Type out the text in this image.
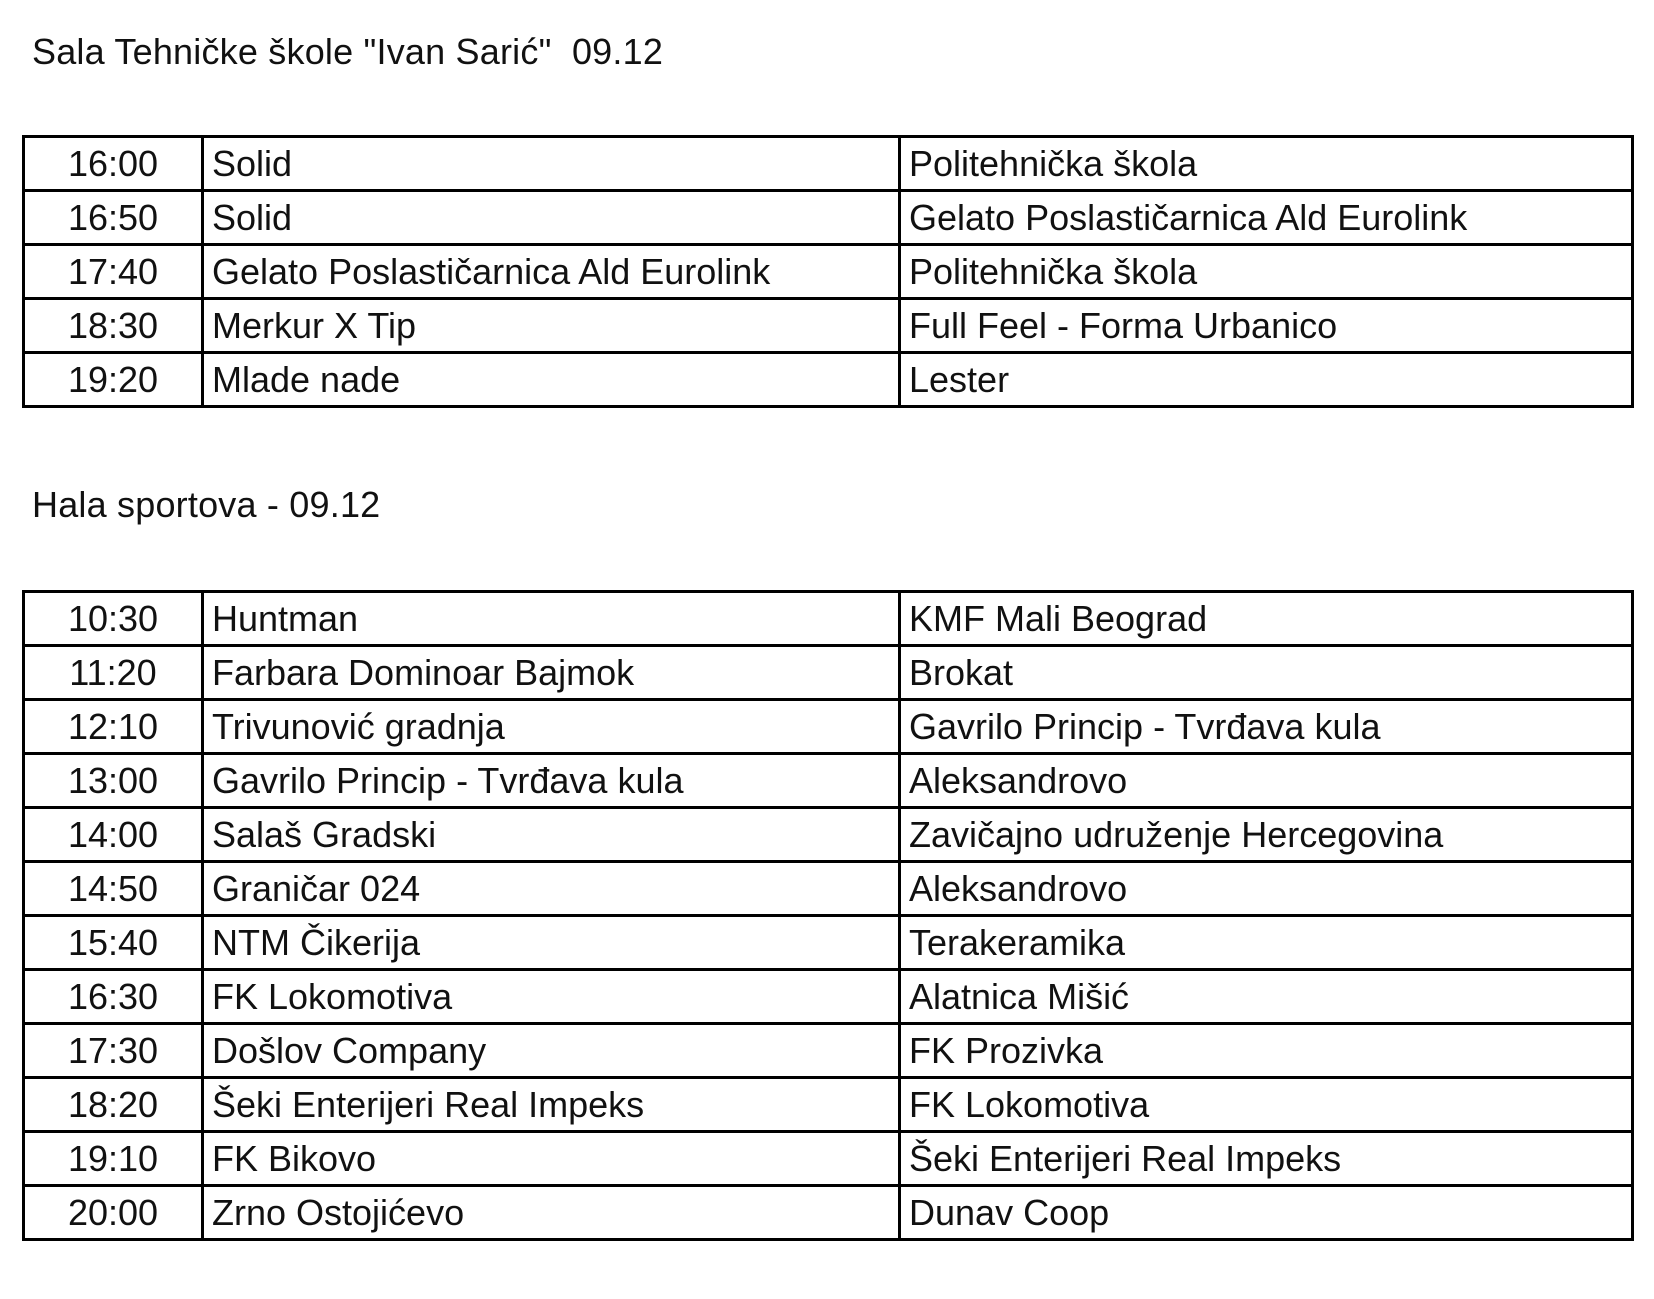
Sala Tehničke škole "Ivan Sarić"  09.12
16:00	Solid	Politehnička škola
16:50	Solid	Gelato Poslastičarnica Ald Eurolink
17:40	Gelato Poslastičarnica Ald Eurolink	Politehnička škola
18:30	Merkur X Tip	Full Feel - Forma Urbanico
19:20	Mlade nade	Lester
Hala sportova - 09.12
10:30	Huntman	KMF Mali Beograd
11:20	Farbara Dominoar Bajmok	Brokat
12:10	Trivunović gradnja	Gavrilo Princip - Tvrđava kula
13:00	Gavrilo Princip - Tvrđava kula	Aleksandrovo
14:00	Salaš Gradski	Zavičajno udruženje Hercegovina
14:50	Graničar 024	Aleksandrovo
15:40	NTM Čikerija	Terakeramika
16:30	FK Lokomotiva	Alatnica Mišić
17:30	Došlov Company	FK Prozivka
18:20	Šeki Enterijeri Real Impeks	FK Lokomotiva
19:10	FK Bikovo	Šeki Enterijeri Real Impeks
20:00	Zrno Ostojićevo	Dunav Coop
